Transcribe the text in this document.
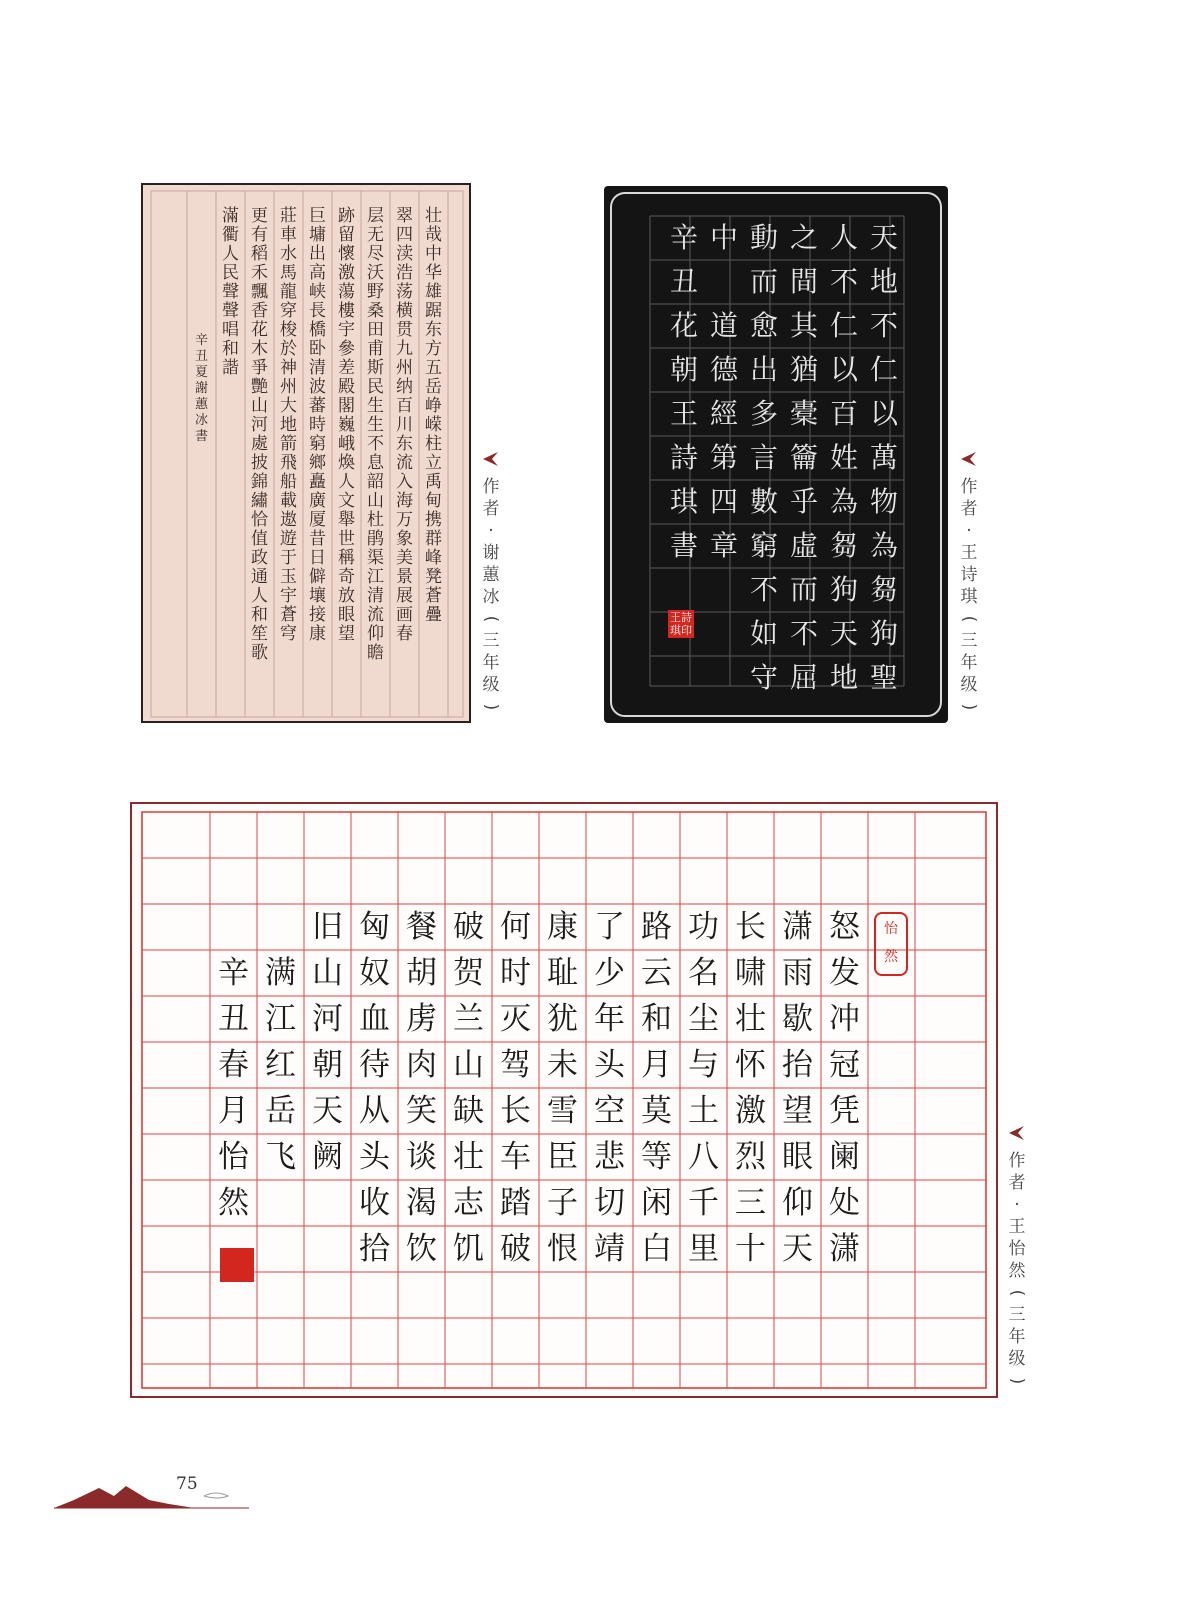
壮哉中华雄踞东方五岳峥嵘柱立禹甸携群峰凳蒼疊
翠四渎浩荡横贯九州纳百川东流入海万象美景展画春
层无尽沃野桑田甫斯民生生不息韶山杜鹃渠江清流仰瞻
跡留懷激蕩樓宇參差殿閣巍峨煥人文舉世稱奇放眼望
巨墉出高峡長橋卧清波蕃時窮鄉矗廣厦昔日僻壤接康
莊車水馬龍穿梭於神州大地箭飛船載遨遊于玉宇蒼穹
更有稻禾飄香花木爭艷山河處披錦繡恰值政通人和笙歌
滿衢人民聲聲唱和諧
辛丑夏謝蕙冰書
作者
·
谢蕙冰
(
三年级
)
天
地
不
仁
以
萬
物
為
芻
狗
聖
人
不
仁
以
百
姓
為
芻
狗
天
地
之
間
其
猶
橐
籥
乎
虛
而
不
屈
動
而
愈
出
多
言
數
窮
不
如
守
中
道
德
經
第
四
章
辛
丑
花
朝
王
詩
琪
書
王詩琪印
作者
·
王诗琪
(
三年级
)
怒
发
冲
冠
凭
阑
处
潇
潇
雨
歇
抬
望
眼
仰
天
长
啸
壮
怀
激
烈
三
十
功
名
尘
与
土
八
千
里
路
云
和
月
莫
等
闲
白
了
少
年
头
空
悲
切
靖
康
耻
犹
未
雪
臣
子
恨
何
时
灭
驾
长
车
踏
破
破
贺
兰
山
缺
壮
志
饥
餐
胡
虏
肉
笑
谈
渴
饮
匈
奴
血
待
从
头
收
拾
旧
山
河
朝
天
阙
满
江
红
岳
飞
辛
丑
春
月
怡
然
怡然
作者
·
王怡然
(
三年级
)
75
